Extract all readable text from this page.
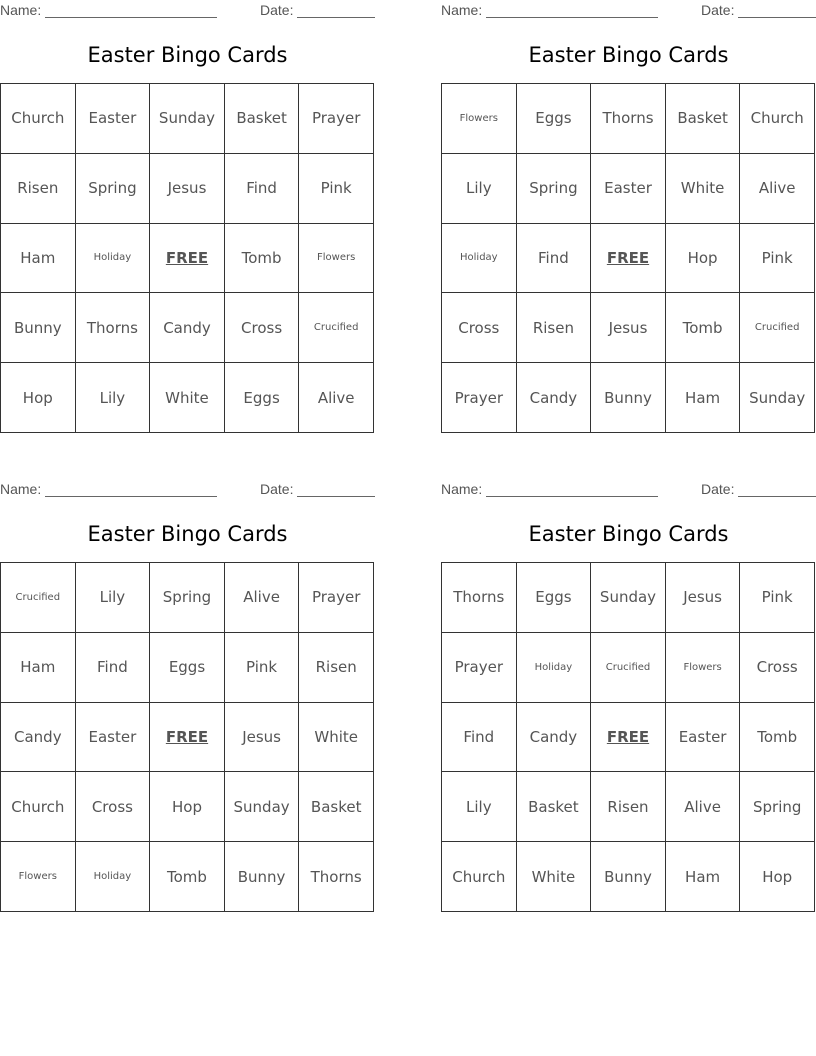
Name:	Date:
Easter Bingo Cards
Church	Easter	Sunday	Basket	Prayer
Risen	Spring	Jesus	Find	Pink
Ham	Holiday	FREE	Tomb	Flowers
Bunny	Thorns	Candy	Cross	Crucified
Hop	Lily	White	Eggs	Alive
Name:	Date:
Easter Bingo Cards
Flowers	Eggs	Thorns	Basket	Church
Lily	Spring	Easter	White	Alive
Holiday	Find	FREE	Hop	Pink
Cross	Risen	Jesus	Tomb	Crucified
Prayer	Candy	Bunny	Ham	Sunday
Name:	Date:
Easter Bingo Cards
Crucified	Lily	Spring	Alive	Prayer
Ham	Find	Eggs	Pink	Risen
Candy	Easter	FREE	Jesus	White
Church	Cross	Hop	Sunday	Basket
Flowers	Holiday	Tomb	Bunny	Thorns
Name:	Date:
Easter Bingo Cards
Thorns	Eggs	Sunday	Jesus	Pink
Prayer	Holiday	Crucified	Flowers	Cross
Find	Candy	FREE	Easter	Tomb
Lily	Basket	Risen	Alive	Spring
Church	White	Bunny	Ham	Hop
